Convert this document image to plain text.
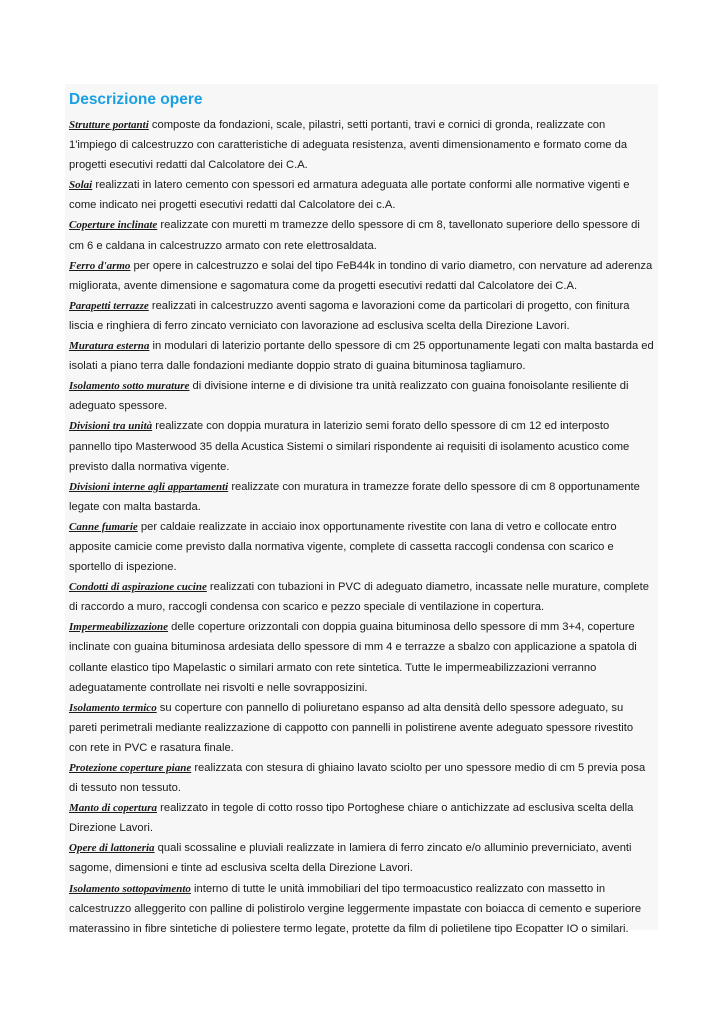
Descrizione opere

Strutture portanti composte da fondazioni, scale, pilastri, setti portanti, travi e cornici di gronda, realizzate con 1'impiego di calcestruzzo con caratteristiche di adeguata resistenza, aventi dimensionamento e formato come da progetti esecutivi redatti dal Calcolatore dei C.A.

Solai realizzati in latero cemento con spessori ed armatura adeguata alle portate conformi alle normative vigenti e come indicato nei progetti esecutivi redatti dal Calcolatore dei c.A.

Coperture inclinate realizzate con muretti m tramezze dello spessore di cm 8, tavellonato superiore dello spessore di cm 6 e caldana in calcestruzzo armato con rete elettrosaldata.

Ferro d'armo per opere in calcestruzzo e solai del tipo FeB44k in tondino di vario diametro, con nervature ad aderenza migliorata, avente dimensione e sagomatura come da progetti esecutivi redatti dal Calcolatore dei C.A.

Parapetti terrazze realizzati in calcestruzzo aventi sagoma e lavorazioni come da particolari di progetto, con finitura liscia e ringhiera di ferro zincato verniciato con lavorazione ad esclusiva scelta della Direzione Lavori.

Muratura esterna in modulari di laterizio portante dello spessore di cm 25 opportunamente legati con malta bastarda ed isolati a piano terra dalle fondazioni mediante doppio strato di guaina bituminosa tagliamuro.

Isolamento sotto murature di divisione interne e di divisione tra unità realizzato con guaina fonoisolante resiliente di adeguato spessore.

Divisioni tra unità realizzate con doppia muratura in laterizio semi forato dello spessore di cm 12 ed interposto pannello tipo Masterwood 35 della Acustica Sistemi o similari rispondente ai requisiti di isolamento acustico come previsto dalla normativa vigente.

Divisioni interne agli appartamenti realizzate con muratura in tramezze forate dello spessore di cm 8 opportunamente legate con malta bastarda.

Canne fumarie per caldaie realizzate in acciaio inox opportunamente rivestite con lana di vetro e collocate entro apposite camicie come previsto dalla normativa vigente, complete di cassetta raccogli condensa con scarico e sportello di ispezione.

Condotti di aspirazione cucine realizzati con tubazioni in PVC di adeguato diametro, incassate nelle murature, complete di raccordo a muro, raccogli condensa con scarico e pezzo speciale di ventilazione in copertura.

Impermeabilizzazione delle coperture orizzontali con doppia guaina bituminosa dello spessore di mm 3+4, coperture inclinate con guaina bituminosa ardesiata dello spessore di mm 4 e terrazze a sbalzo con applicazione a spatola di collante elastico tipo Mapelastic o similari armato con rete sintetica. Tutte le impermeabilizzazioni verranno adeguatamente controllate nei risvolti e nelle sovrapposizini.

Isolamento termico su coperture con pannello di poliuretano espanso ad alta densità dello spessore adeguato, su pareti perimetrali mediante realizzazione di cappotto con pannelli in polistirene avente adeguato spessore rivestito con rete in PVC e rasatura finale.

Protezione coperture piane realizzata con stesura di ghiaino lavato sciolto per uno spessore medio di cm 5 previa posa di tessuto non tessuto.

Manto di copertura realizzato in tegole di cotto rosso tipo Portoghese chiare o antichizzate ad esclusiva scelta della Direzione Lavori.

Opere di lattoneria quali scossaline e pluviali realizzate in lamiera di ferro zincato e/o alluminio preverniciato, aventi sagome, dimensioni e tinte ad esclusiva scelta della Direzione Lavori.

Isolamento sottopavimento interno di tutte le unità immobiliari del tipo termoacustico realizzato con massetto in calcestruzzo alleggerito con palline di polistirolo vergine leggermente impastate con boiacca di cemento e superiore materassino in fibre sintetiche di poliestere termo legate, protette da film di polietilene tipo Ecopatter IO o similari.
